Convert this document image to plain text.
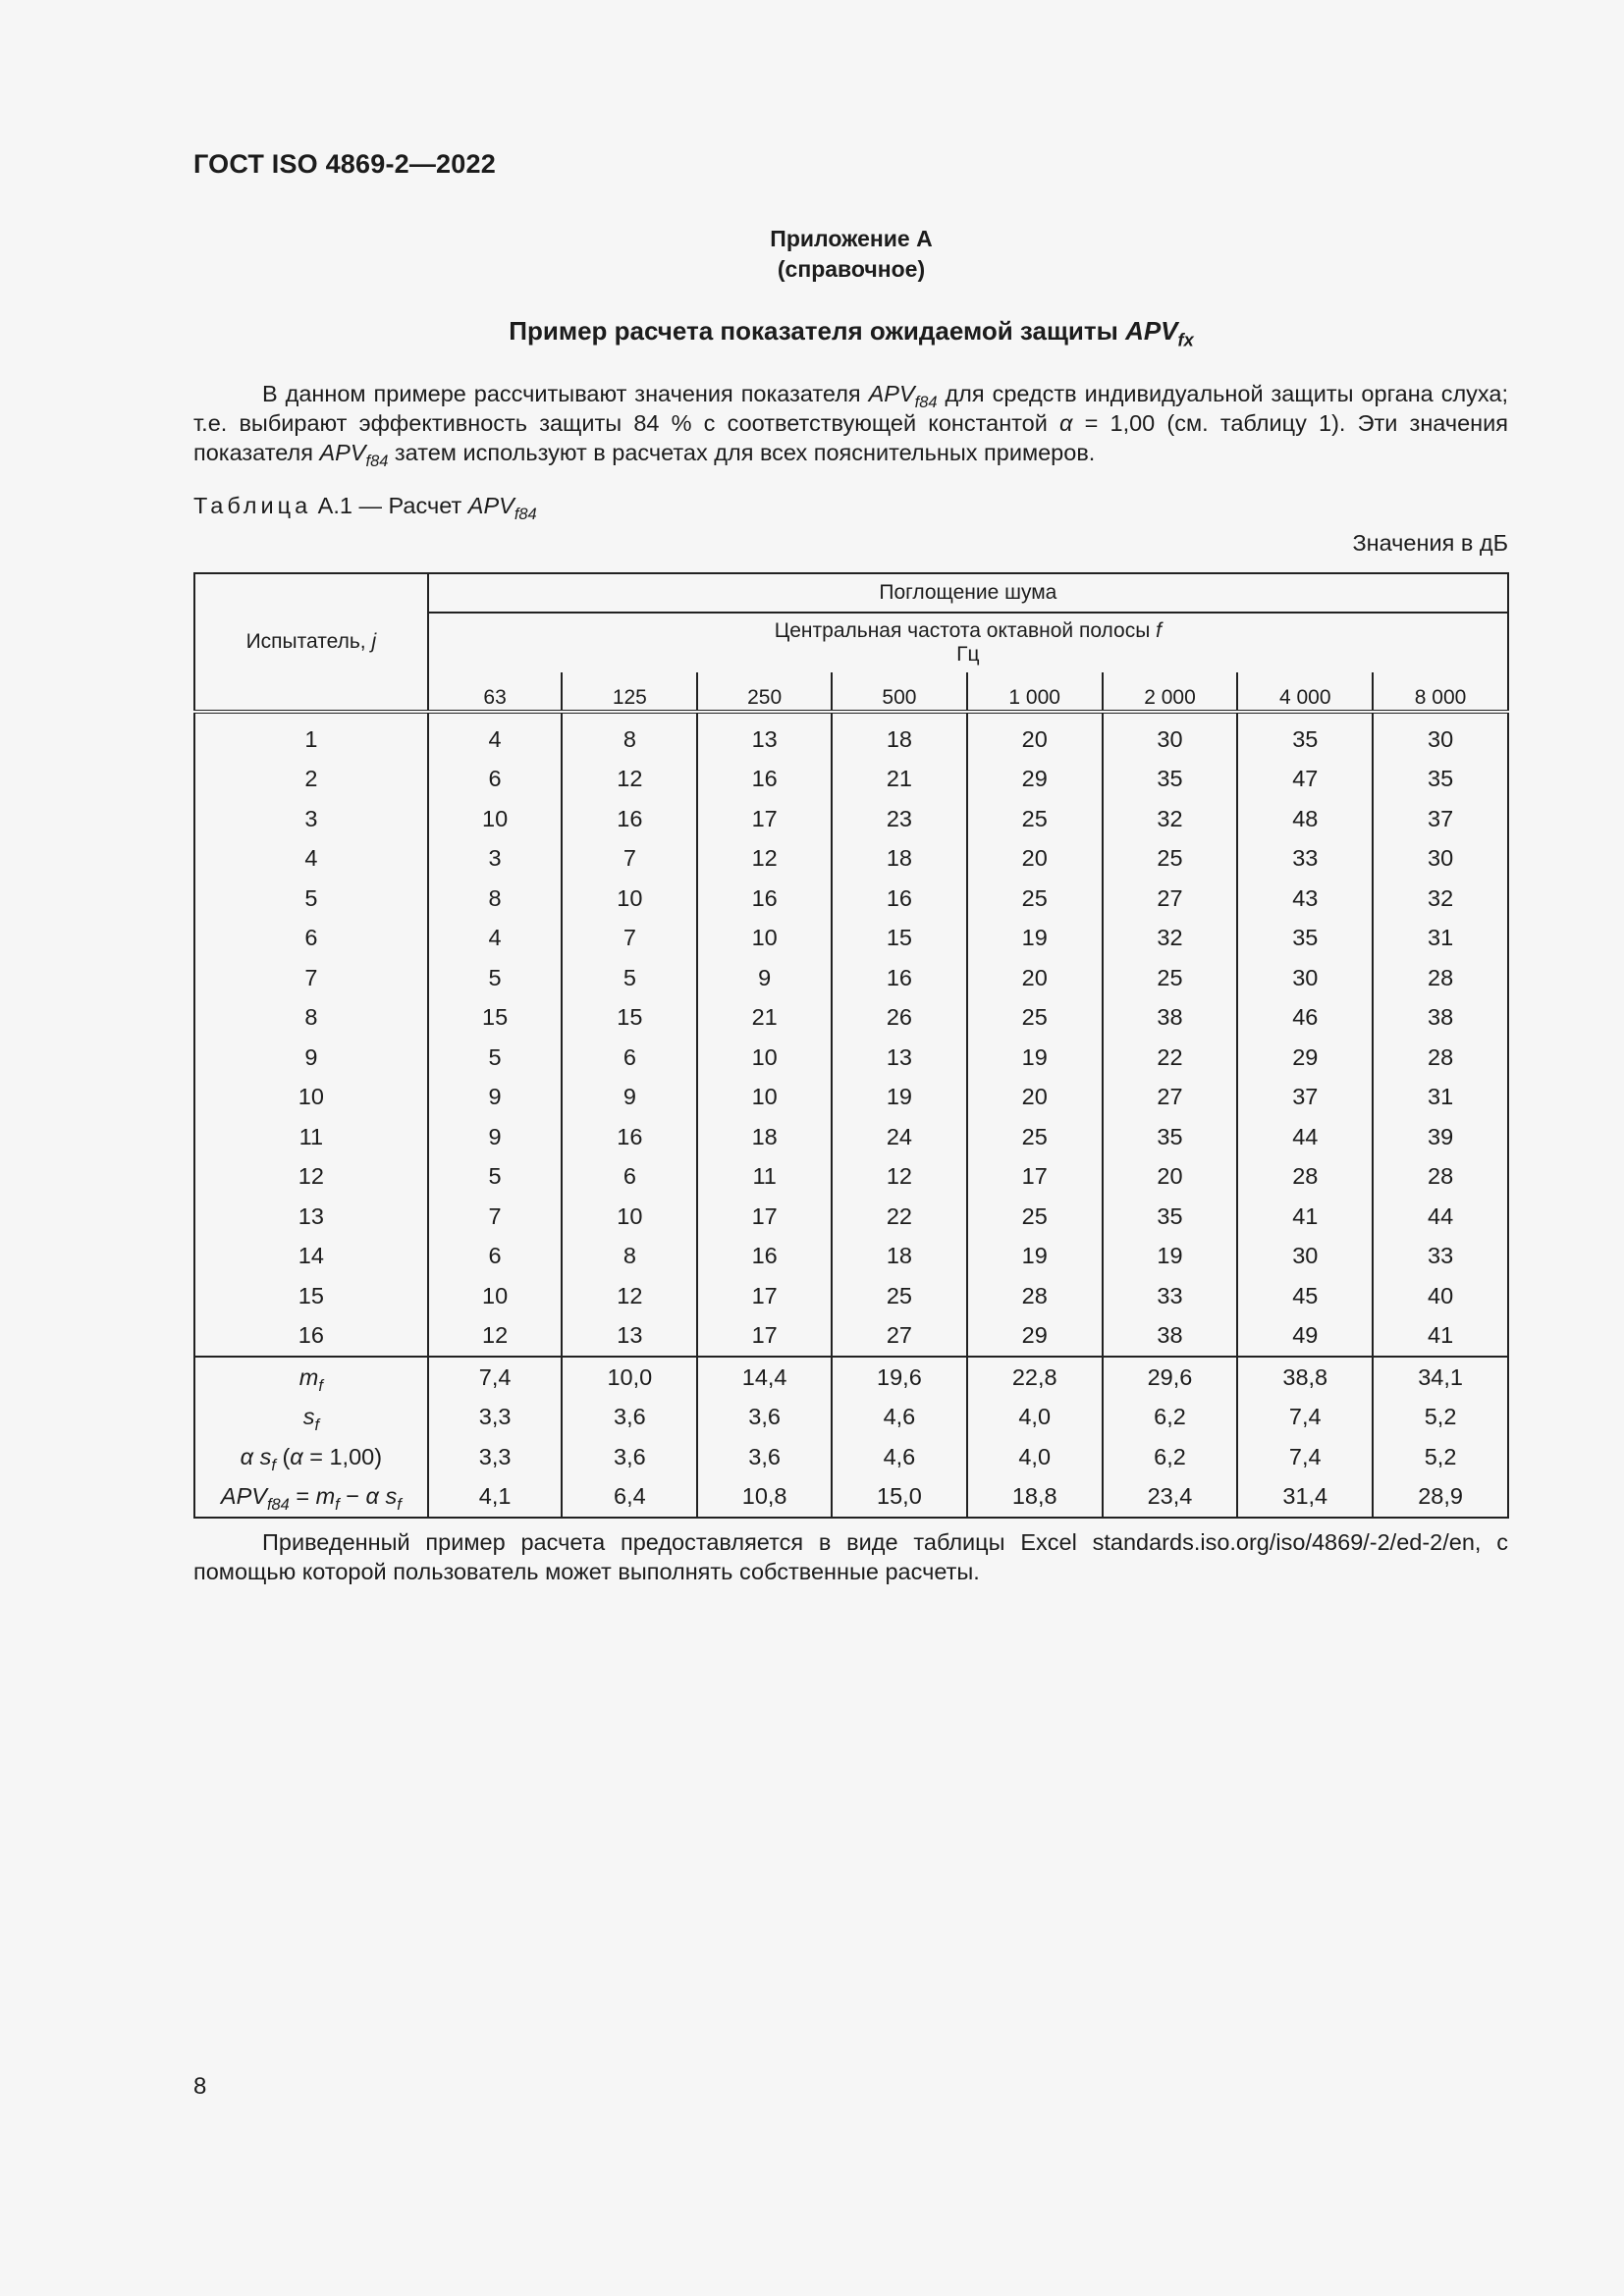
ГОСТ ISO 4869-2—2022
Приложение А
(справочное)
Пример расчета показателя ожидаемой защиты $APV_{fx}$
В данном примере рассчитывают значения показателя $APV_{f84}$ для средств индивидуальной защиты органа слуха; т.е. выбирают эффективность защиты 84 % с соответствующей константой α = 1,00 (см. таблицу 1). Эти значения показателя $APV_{f84}$ затем используют в расчетах для всех пояснительных примеров.
Таблица А.1 — Расчет $APV_{f84}$
Значения в дБ
Испытатель, j	Поглощение шума							
	Центральная частота октавной полосы f
Гц							
	63	125	250	500	1 000	2 000	4 000	8 000
1	4	8	13	18	20	30	35	30
2	6	12	16	21	29	35	47	35
3	10	16	17	23	25	32	48	37
4	3	7	12	18	20	25	33	30
5	8	10	16	16	25	27	43	32
6	4	7	10	15	19	32	35	31
7	5	5	9	16	20	25	30	28
8	15	15	21	26	25	38	46	38
9	5	6	10	13	19	22	29	28
10	9	9	10	19	20	27	37	31
11	9	16	18	24	25	35	44	39
12	5	6	11	12	17	20	28	28
13	7	10	17	22	25	35	41	44
14	6	8	16	18	19	19	30	33
15	10	12	17	25	28	33	45	40
16	12	13	17	27	29	38	49	41
$m_f$	7,4	10,0	14,4	19,6	22,8	29,6	38,8	34,1
$s_f$	3,3	3,6	3,6	4,6	4,0	6,2	7,4	5,2
α $s_f$ (α = 1,00)	3,3	3,6	3,6	4,6	4,0	6,2	7,4	5,2
$APV_{f84} = m_f - \alpha$ $s_f$	4,1	6,4	10,8	15,0	18,8	23,4	31,4	28,9
Приведенный пример расчета предоставляется в виде таблицы Excel standards.iso.org/iso/4869/-2/ed-2/en, с помощью которой пользователь может выполнять собственные расчеты.
8
